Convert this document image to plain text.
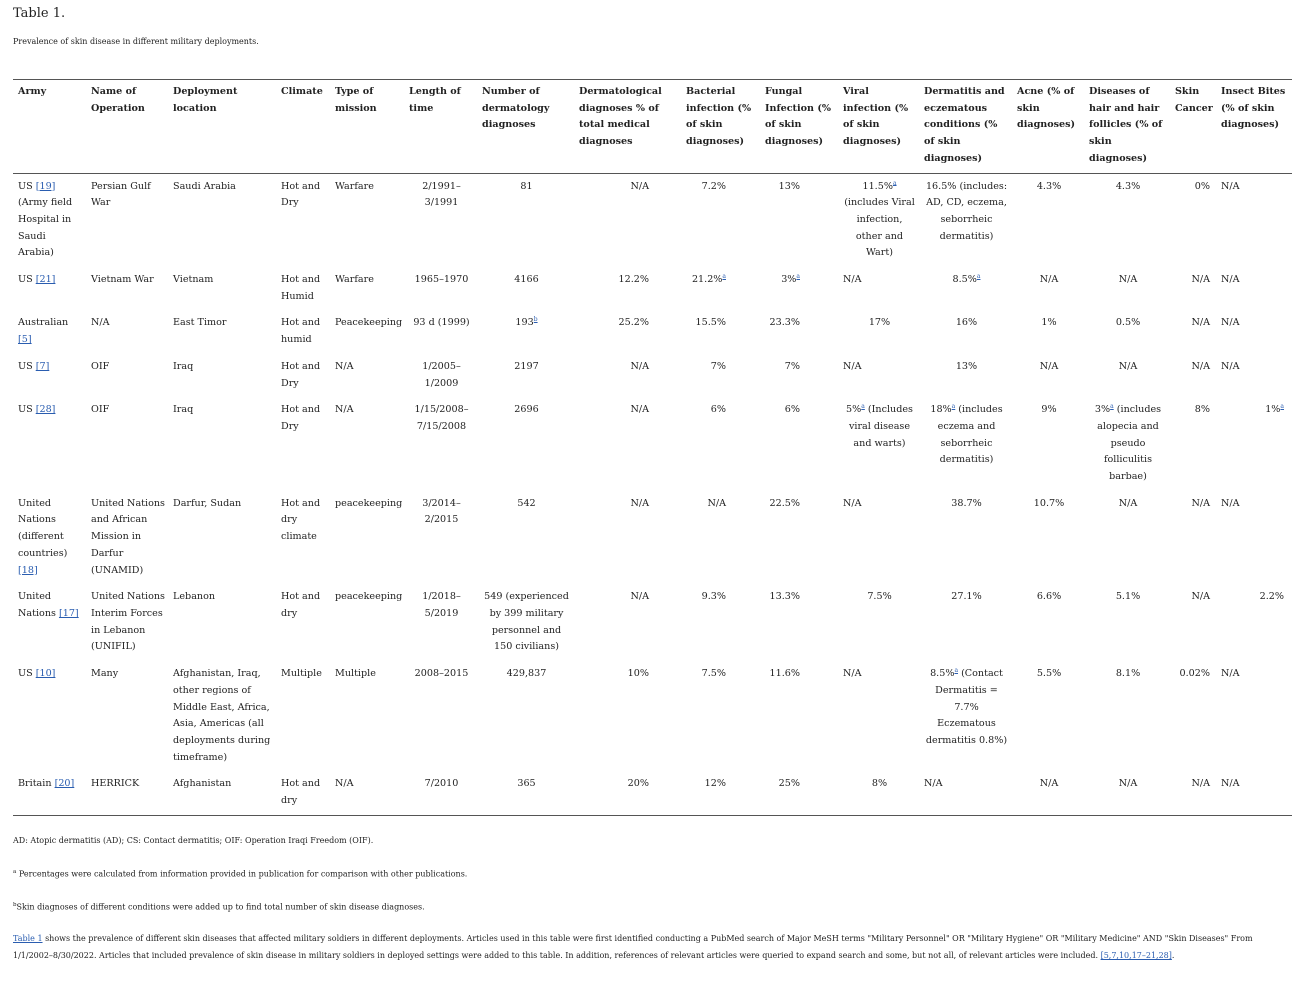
Table 1.
Prevalence of skin disease in different military deployments.
Army	Name of Operation	Deployment location	Climate	Type of mission	Length of time	Number of dermatology diagnoses	Dermatological diagnoses % of total medical diagnoses	Bacterial infection (% of skin diagnoses)	Fungal Infection (% of skin diagnoses)	Viral infection (% of skin diagnoses)	Dermatitis and eczematous conditions (% of skin diagnoses)	Acne (% of skin diagnoses)	Diseases of hair and hair follicles (% of skin diagnoses)	Skin Cancer	Insect Bites (% of skin diagnoses)
US [19] (Army field Hospital in Saudi Arabia)	Persian Gulf War	Saudi Arabia	Hot and Dry	Warfare	2/1991–3/1991	81	N/A	7.2%	13%	11.5%$^a$ (includes Viral infection, other and Wart)	16.5% (includes: AD, CD, eczema, seborrheic dermatitis)	4.3%	4.3%	0%	N/A
US [21]	Vietnam War	Vietnam	Hot and Humid	Warfare	1965–1970	4166	12.2%	21.2%$^a$	3%$^a$	N/A	8.5%$^a$	N/A	N/A	N/A	N/A
Australian [5]	N/A	East Timor	Hot and humid	Peacekeeping	93 d (1999)	193$^b$	25.2%	15.5%	23.3%	17%	16%	1%	0.5%	N/A	N/A
US [7]	OIF	Iraq	Hot and Dry	N/A	1/2005–1/2009	2197	N/A	7%	7%	N/A	13%	N/A	N/A	N/A	N/A
US [28]	OIF	Iraq	Hot and Dry	N/A	1/15/2008–7/15/2008	2696	N/A	6%	6%	5%$^a$ (Includes viral disease and warts)	18%$^a$ (includes eczema and seborrheic dermatitis)	9%	3%$^a$ (includes alopecia and pseudo folliculitis barbae)	8%	1%$^a$
United Nations (different countries) [18]	United Nations and African Mission in Darfur (UNAMID)	Darfur, Sudan	Hot and dry climate	peacekeeping	3/2014–2/2015	542	N/A	N/A	22.5%	N/A	38.7%	10.7%	N/A	N/A	N/A
United Nations [17]	United Nations Interim Forces in Lebanon (UNIFIL)	Lebanon	Hot and dry	peacekeeping	1/2018–5/2019	549 (experienced by 399 military personnel and 150 civilians)	N/A	9.3%	13.3%	7.5%	27.1%	6.6%	5.1%	N/A	2.2%
US [10]	Many	Afghanistan, Iraq, other regions of Middle East, Africa, Asia, Americas (all deployments during timeframe)	Multiple	Multiple	2008–2015	429,837	10%	7.5%	11.6%	N/A	8.5%$^a$ (Contact Dermatitis = 7.7% Eczematous dermatitis 0.8%)	5.5%	8.1%	0.02%	N/A
Britain [20]	HERRICK	Afghanistan	Hot and dry	N/A	7/2010	365	20%	12%	25%	8%	N/A	N/A	N/A	N/A	N/A

AD: Atopic dermatitis (AD); CS: Contact dermatitis; OIF: Operation Iraqi Freedom (OIF).

$^a$ Percentages were calculated from information provided in publication for comparison with other publications.

$^b$Skin diagnoses of different conditions were added up to find total number of skin disease diagnoses.

Table 1 shows the prevalence of different skin diseases that affected military soldiers in different deployments. Articles used in this table were first identified conducting a PubMed search of Major MeSH terms "Military Personnel" OR "Military Hygiene" OR "Military Medicine" AND "Skin Diseases" From 1/1/2002–8/30/2022. Articles that included prevalence of skin disease in military soldiers in deployed settings were added to this table. In addition, references of relevant articles were queried to expand search and some, but not all, of relevant articles were included. [5,7,10,17–21,28].
